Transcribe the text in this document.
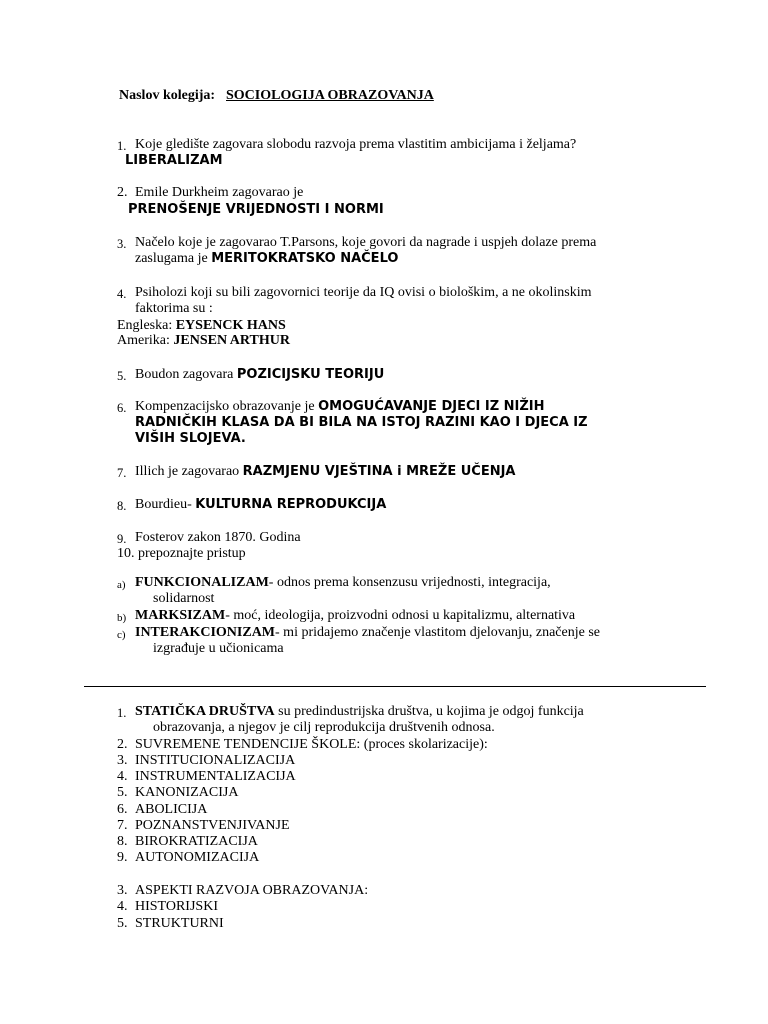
Naslov kolegija: SOCIOLOGIJA OBRAZOVANJA
1. Koje gledište zagovara slobodu razvoja prema vlastitim ambicijama i željama?
LIBERALIZAM
2. Emile Durkheim zagovarao je
PRENOŠENJE VRIJEDNOSTI I NORMI
3. Načelo koje je zagovarao T.Parsons, koje govori da nagrade i uspjeh dolaze prema
zaslugama je MERITOKRATSKO NAČELO
4. Psiholozi koji su bili zagovornici teorije da IQ ovisi o biološkim, a ne okolinskim
faktorima su :
Engleska: EYSENCK HANS
Amerika: JENSEN ARTHUR
5. Boudon zagovara POZICIJSKU TEORIJU
6. Kompenzacijsko obrazovanje je OMOGUĆAVANJE DJECI IZ NIŽIH
RADNIČKIH KLASA DA BI BILA NA ISTOJ RAZINI KAO I DJECA IZ
VIŠIH SLOJEVA.
7. Illich je zagovarao RAZMJENU VJEŠTINA i MREŽE UČENJA
8. Bourdieu- KULTURNA REPRODUKCIJA
9. Fosterov zakon 1870. Godina
10. prepoznajte pristup
a) FUNKCIONALIZAM- odnos prema konsenzusu vrijednosti, integracija,
solidarnost
b) MARKSIZAM- moć, ideologija, proizvodni odnosi u kapitalizmu, alternativa
c) INTERAKCIONIZAM- mi pridajemo značenje vlastitom djelovanju, značenje se
izgrađuje u učionicama
1. STATIČKA DRUŠTVA su predindustrijska društva, u kojima je odgoj funkcija
obrazovanja, a njegov je cilj reprodukcija društvenih odnosa.
2. SUVREMENE TENDENCIJE ŠKOLE: (proces skolarizacije):
3. INSTITUCIONALIZACIJA
4. INSTRUMENTALIZACIJA
5. KANONIZACIJA
6. ABOLICIJA
7. POZNANSTVENJIVANJE
8. BIROKRATIZACIJA
9. AUTONOMIZACIJA
3. ASPEKTI RAZVOJA OBRAZOVANJA:
4. HISTORIJSKI
5. STRUKTURNI
